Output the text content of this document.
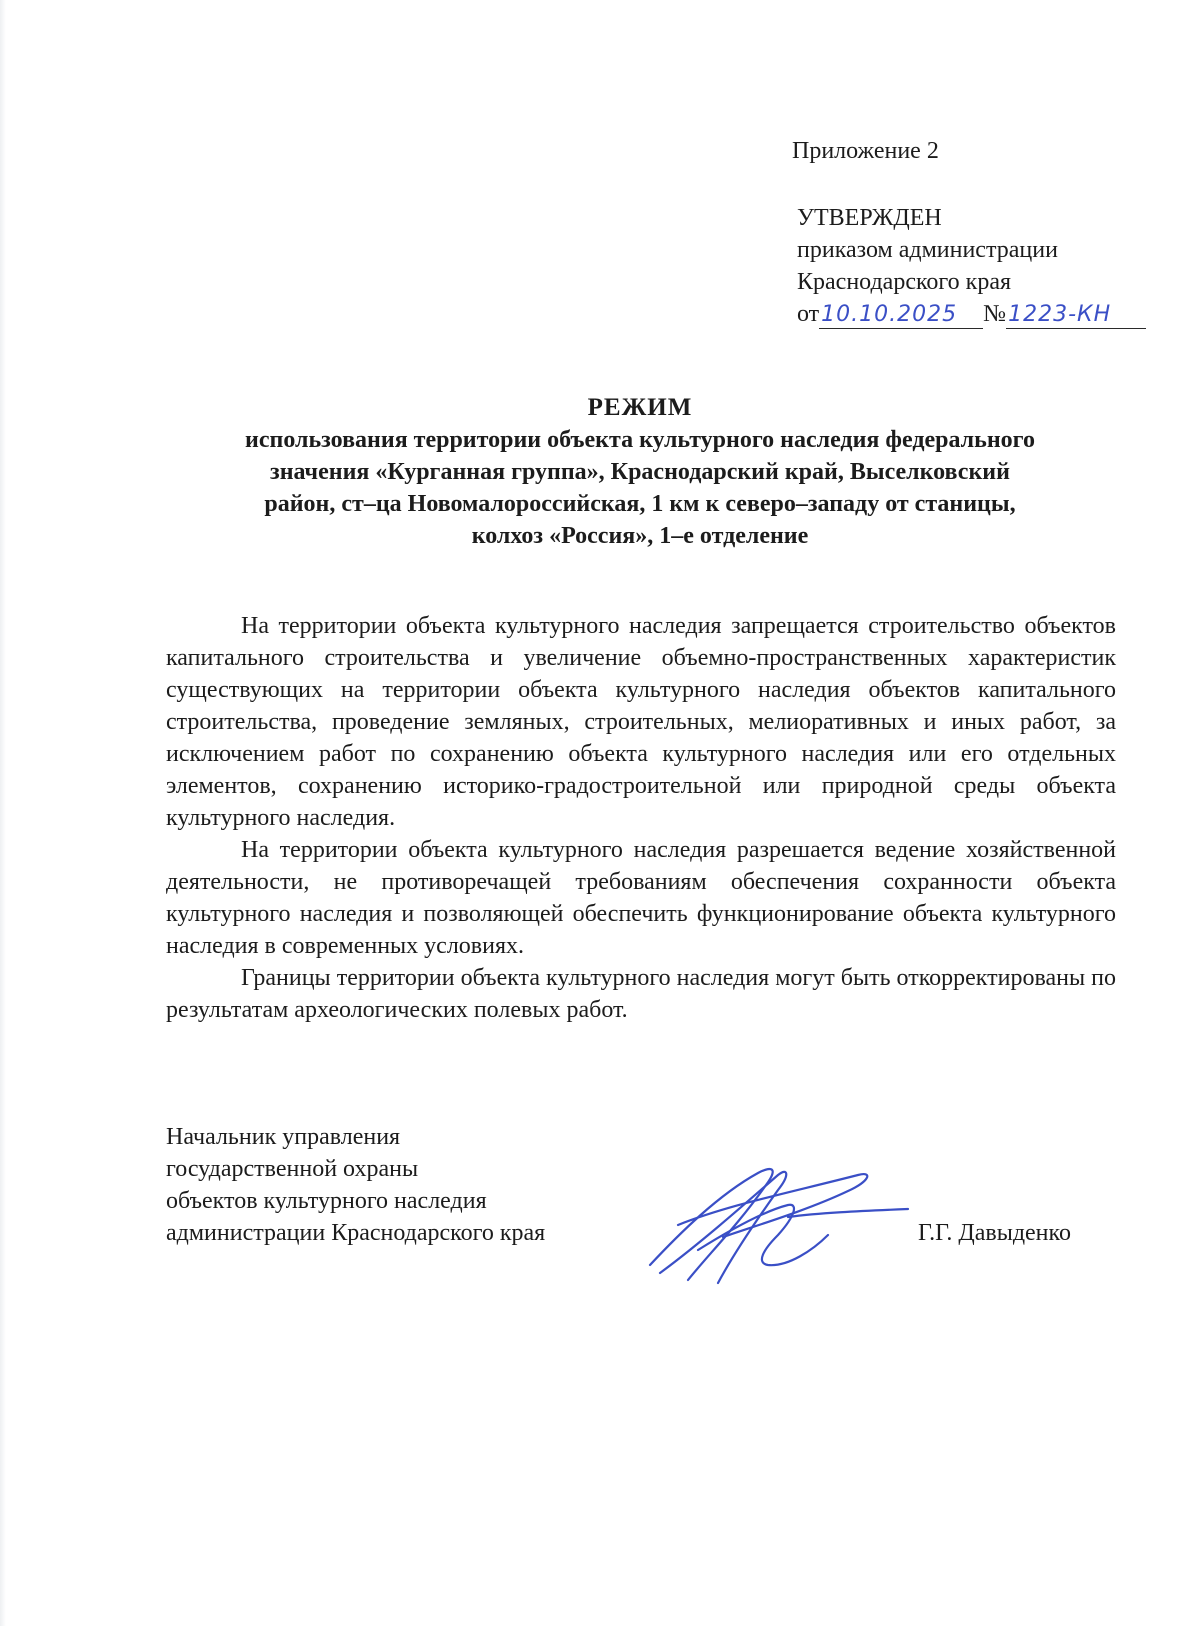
Приложение 2
УТВЕРЖДЕН
приказом администрации
Краснодарского края
от10.10.2025 №1223-КН
РЕЖИМ
использования территории объекта культурного наследия федерального
значения «Курганная группа», Краснодарский край, Выселковский
район, ст–ца Новомалороссийская, 1 км к северо–западу от станицы,
колхоз «Россия», 1–е отделение

На территории объекта культурного наследия запрещается строительство объектов капитального строительства и увеличение объемно-пространственных характеристик существующих на территории объекта культурного наследия объектов капитального строительства, проведение земляных, строительных, мелиоративных и иных работ, за исключением работ по сохранению объекта культурного наследия или его отдельных элементов, сохранению историко-градостроительной или природной среды объекта культурного наследия.

На территории объекта культурного наследия разрешается ведение хозяйственной деятельности, не противоречащей требованиям обеспечения сохранности объекта культурного наследия и позволяющей обеспечить функционирование объекта культурного наследия в современных условиях.

Границы территории объекта культурного наследия могут быть откорректированы по результатам археологических полевых работ.

Начальник управления
государственной охраны
объектов культурного наследия
администрации Краснодарского края	Г.Г. Давыденко
